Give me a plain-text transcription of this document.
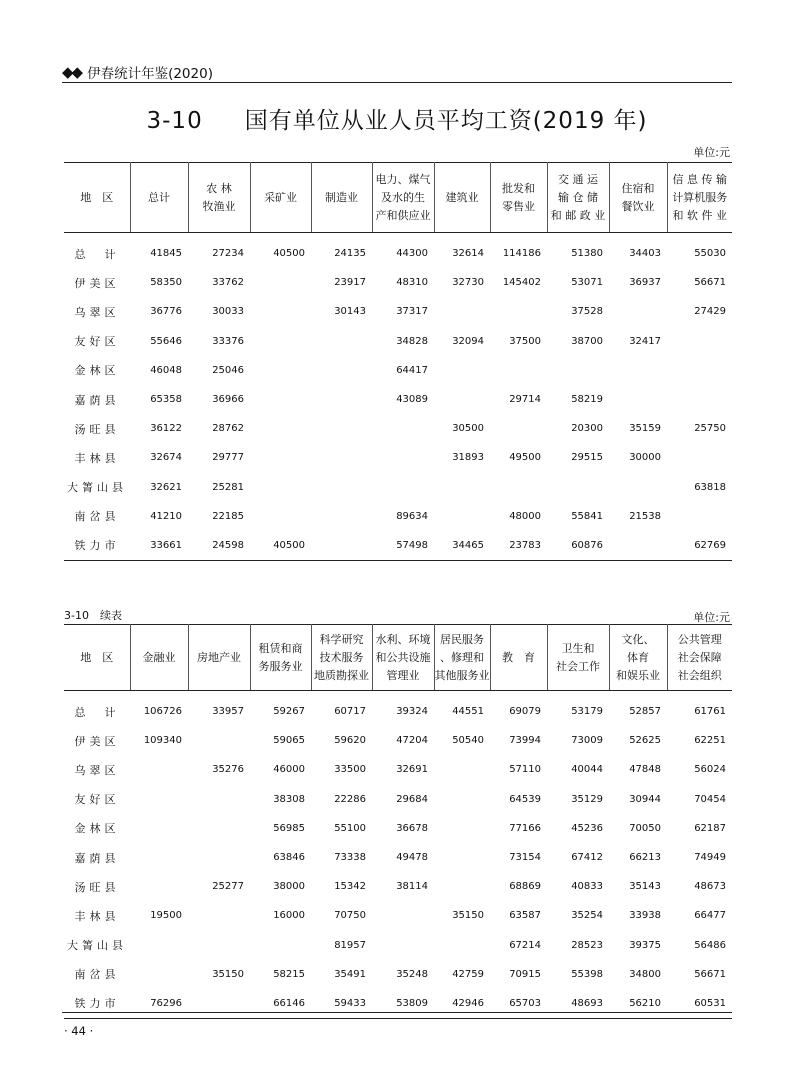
◆◆ 伊春统计年鉴(2020)
3-10 国有单位从业人员平均工资(2019 年)
单位:元
地　区	总计	农 林
牧渔业	采矿业	制造业	电力、煤气
及水的生
产和供应业	建筑业	批发和
零售业	交 通 运
输 仓 储
和 邮 政 业	住宿和
餐饮业	信 息 传 输
计算机服务
和 软 件 业
总　计	41845	27234	40500	24135	44300	32614	114186	51380	34403	55030
伊美区	58350	33762		23917	48310	32730	145402	53071	36937	56671
乌翠区	36776	30033		30143	37317			37528		27429
友好区	55646	33376			34828	32094	37500	38700	32417	
金林区	46048	25046			64417					
嘉荫县	65358	36966			43089		29714	58219		
汤旺县	36122	28762				30500		20300	35159	25750
丰林县	32674	29777				31893	49500	29515	30000	
大箐山县	32621	25281								63818
南岔县	41210	22185			89634		48000	55841	21538	
铁力市	33661	24598	40500		57498	34465	23783	60876		62769
3-10　续表	单位:元
地　区	金融业	房地产业	租赁和商
务服务业	科学研究
技术服务
地质勘探业	水利、环境
和公共设施
管理业	居民服务
、修理和
其他服务业	教　育	卫生和
社会工作	文化、
体育
和娱乐业	公共管理
社会保障
社会组织
总　计	106726	33957	59267	60717	39324	44551	69079	53179	52857	61761
伊美区	109340		59065	59620	47204	50540	73994	73009	52625	62251
乌翠区		35276	46000	33500	32691		57110	40044	47848	56024
友好区			38308	22286	29684		64539	35129	30944	70454
金林区			56985	55100	36678		77166	45236	70050	62187
嘉荫县			63846	73338	49478		73154	67412	66213	74949
汤旺县		25277	38000	15342	38114		68869	40833	35143	48673
丰林县	19500		16000	70750		35150	63587	35254	33938	66477
大箐山县				81957			67214	28523	39375	56486
南岔县		35150	58215	35491	35248	42759	70915	55398	34800	56671
铁力市	76296		66146	59433	53809	42946	65703	48693	56210	60531
· 44 ·
